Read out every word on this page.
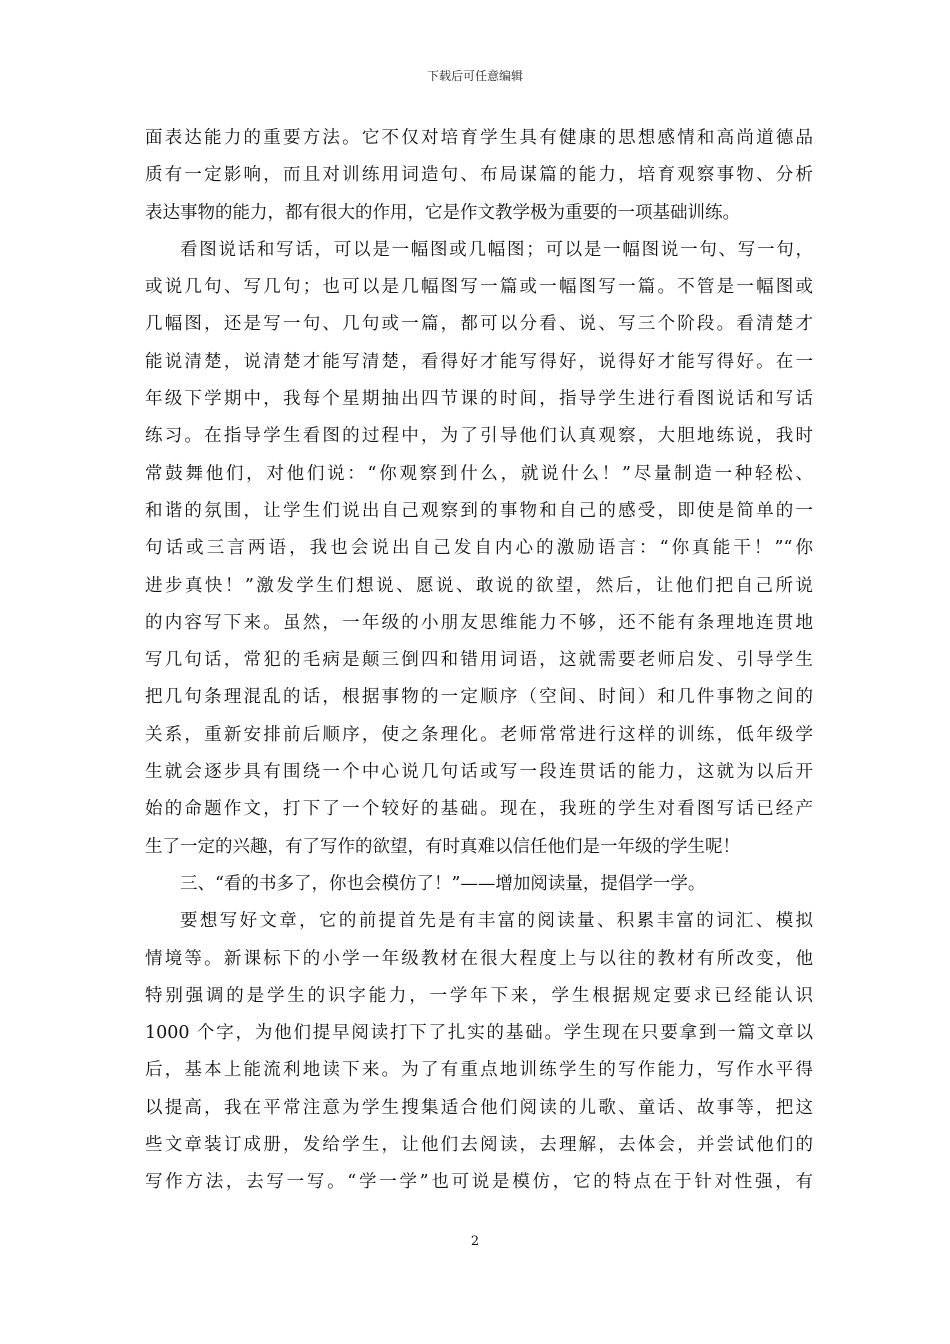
下载后可任意编辑
面表达能力的重要方法。它不仅对培育学生具有健康的思想感情和高尚道德品
质有一定影响，而且对训练用词造句、布局谋篇的能力，培育观察事物、分析
表达事物的能力，都有很大的作用，它是作文教学极为重要的一项基础训练。
看图说话和写话，可以是一幅图或几幅图；可以是一幅图说一句、写一句，
或说几句、写几句；也可以是几幅图写一篇或一幅图写一篇。不管是一幅图或
几幅图，还是写一句、几句或一篇，都可以分看、说、写三个阶段。看清楚才
能说清楚，说清楚才能写清楚，看得好才能写得好，说得好才能写得好。在一
年级下学期中，我每个星期抽出四节课的时间，指导学生进行看图说话和写话
练习。在指导学生看图的过程中，为了引导他们认真观察，大胆地练说，我时
常鼓舞他们，对他们说：“你观察到什么，就说什么！”尽量制造一种轻松、
和谐的氛围，让学生们说出自己观察到的事物和自己的感受，即使是简单的一
句话或三言两语，我也会说出自己发自内心的激励语言：“你真能干！”“你
进步真快！”激发学生们想说、愿说、敢说的欲望，然后，让他们把自己所说
的内容写下来。虽然，一年级的小朋友思维能力不够，还不能有条理地连贯地
写几句话，常犯的毛病是颠三倒四和错用词语，这就需要老师启发、引导学生
把几句条理混乱的话，根据事物的一定顺序（空间、时间）和几件事物之间的
关系，重新安排前后顺序，使之条理化。老师常常进行这样的训练，低年级学
生就会逐步具有围绕一个中心说几句话或写一段连贯话的能力，这就为以后开
始的命题作文，打下了一个较好的基础。现在，我班的学生对看图写话已经产
生了一定的兴趣，有了写作的欲望，有时真难以信任他们是一年级的学生呢！
三、“看的书多了，你也会模仿了！”——增加阅读量，提倡学一学。
要想写好文章，它的前提首先是有丰富的阅读量、积累丰富的词汇、模拟
情境等。新课标下的小学一年级教材在很大程度上与以往的教材有所改变，他
特别强调的是学生的识字能力，一学年下来，学生根据规定要求已经能认识
1000 个字，为他们提早阅读打下了扎实的基础。学生现在只要拿到一篇文章以
后，基本上能流利地读下来。为了有重点地训练学生的写作能力，写作水平得
以提高，我在平常注意为学生搜集适合他们阅读的儿歌、童话、故事等，把这
些文章装订成册，发给学生，让他们去阅读，去理解，去体会，并尝试他们的
写作方法，去写一写。“学一学”也可说是模仿，它的特点在于针对性强，有
2
